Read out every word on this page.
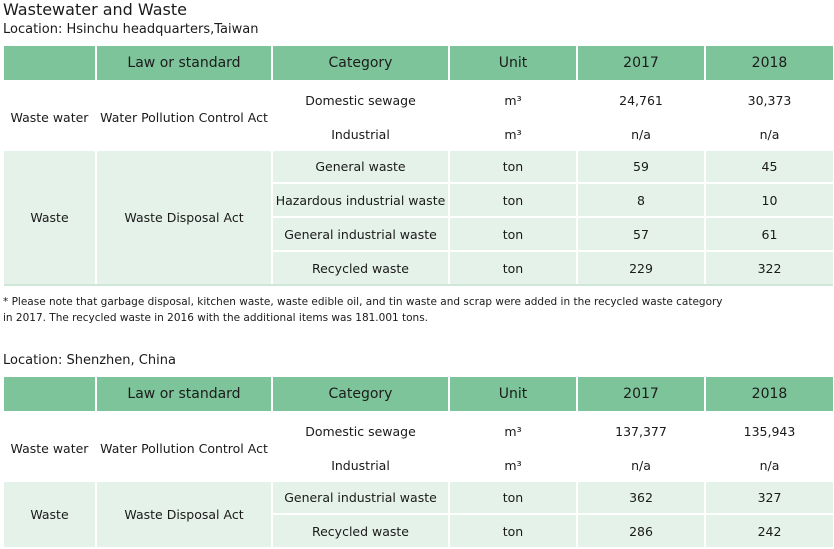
Wastewater and Waste
Location: Hsinchu headquarters,Taiwan
	Law or standard	Category	Unit	2017	2018
Waste water	Water Pollution Control Act	Domestic sewage	m³	24,761	30,373
		Industrial	m³	n/a	n/a
Waste	Waste Disposal Act	General waste	ton	59	45
		Hazardous industrial waste	ton	8	10
		General industrial waste	ton	57	61
		Recycled waste	ton	229	322

* Please note that garbage disposal, kitchen waste, waste edible oil, and tin waste and scrap were added in the recycled waste category in 2017. The recycled waste in 2016 with the additional items was 181.001 tons.
Location: Shenzhen, China
	Law or standard	Category	Unit	2017	2018
Waste water	Water Pollution Control Act	Domestic sewage	m³	137,377	135,943
		Industrial	m³	n/a	n/a
Waste	Waste Disposal Act	General industrial waste	ton	362	327
		Recycled waste	ton	286	242
